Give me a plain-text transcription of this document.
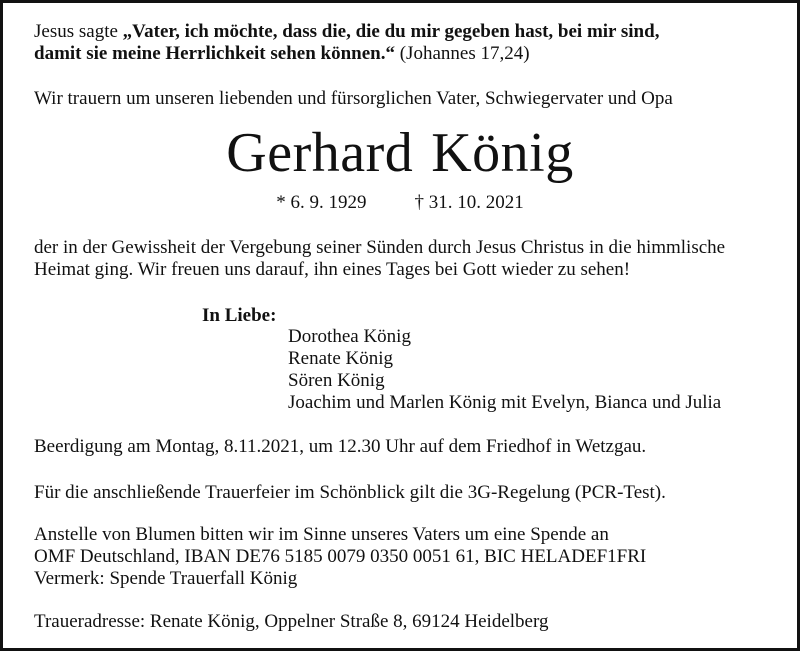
Jesus sagte „Vater, ich möchte, dass die, die du mir gegeben hast, bei mir sind,

damit sie meine Herrlichkeit sehen können.“ (Johannes 17,24)

Wir trauern um unseren liebenden und fürsorglichen Vater, Schwiegervater und Opa

Gerhard König

* 6. 9. 1929	† 31. 10. 2021

der in der Gewissheit der Vergebung seiner Sünden durch Jesus Christus in die himmlische

Heimat ging. Wir freuen uns darauf, ihn eines Tages bei Gott wieder zu sehen!

In Liebe:

Dorothea König

Renate König

Sören König

Joachim und Marlen König mit Evelyn, Bianca und Julia

Beerdigung am Montag, 8.11.2021, um 12.30 Uhr auf dem Friedhof in Wetzgau.

Für die anschließende Trauerfeier im Schönblick gilt die 3G-Regelung (PCR-Test).

Anstelle von Blumen bitten wir im Sinne unseres Vaters um eine Spende an

OMF Deutschland, IBAN DE76 5185 0079 0350 0051 61, BIC HELADEF1FRI

Vermerk: Spende Trauerfall König

Traueradresse: Renate König, Oppelner Straße 8, 69124 Heidelberg
